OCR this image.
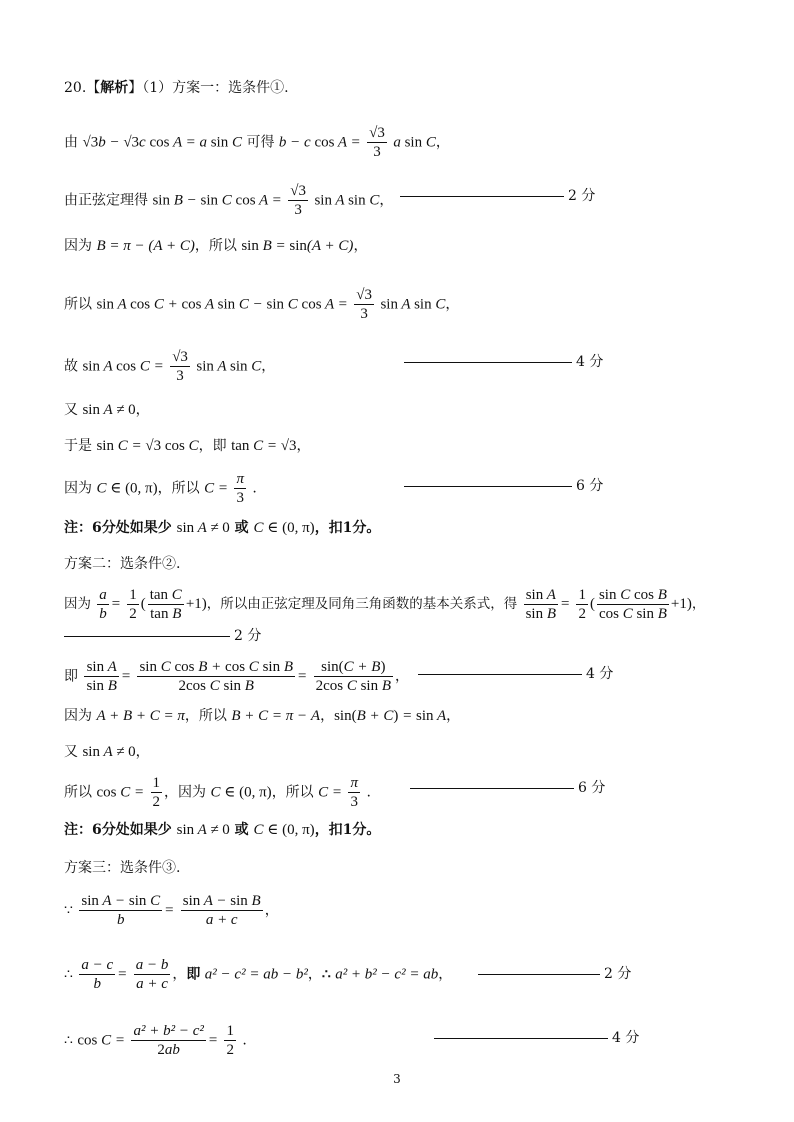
20.【解析】（1）方案一：选条件①.
由 √3b − √3c cos A = a sin C 可得 b − c $\cos A = \frac{√3}{3}$ a sin C，
由正弦定理得 sin B − sin C $\cos A = \frac{√3}{3}$ sin A sin C，	2 分
因为 B = π − (A + C)，所以 sin B = sin(A + C)，
所以 sin A cos C + cos A sin C − sin C $\cos A = \frac{√3}{3}$ sin A sin C，
故 sin A $\cos C = \frac{√3}{3}$ sin A sin C，	4 分
又 sin A ≠ 0，
于是 sin C = √3 cos C，即 tan C = √3，
因为 C ∈ (0, π)，所以 $C = \frac{\pi}{3}$ .	6 分
注：6分处如果少 sin A ≠ 0 或 C ∈ (0, π)，扣1分。
方案二：选条件②.
因为 $\frac{a}{b} = \frac{1}{2}$ ( $\frac{\text{tan C}}{\text{tan B}} +1$)，所以由正弦定理及同角三角函数的基本关系式，得 $\frac{\text{sin A}}{\text{sin B}} = \frac{1}{2}$ ( $\frac{\text{sin C cos B}}{\text{cos C sin B}} +1$)，
2 分
即 $\frac{\text{sin A}}{\text{sin B}} = \frac{\text{sin C cos B + cos C sin B}}{\text{2cos C sin B}} = \frac{\sin(C + B)}{\text{2cos C sin B}}$ ，	4 分
因为 A + B + C = π，所以 B + C = π − A，sin(B + C) = sin A，
又 sin A ≠ 0，
所以 $\cos C = \frac{1}{2}$ ，因为 C ∈ (0, π)，所以 $C = \frac{\pi}{3}$ .	6 分
注：6分处如果少 sin A ≠ 0 或 C ∈ (0, π)，扣1分。
方案三：选条件③.
∵ $\frac{\text{sin A − sin C}}{b} = \frac{\text{sin A − sin B}}{a + c}$ ，
∴ $\frac{a - c}{b} = \frac{a - b}{a + c}$ ，即 a² − c² = ab − b²，∴ a² + b² − c² = ab，	2 分
∴ $\cos C = \frac{\text{a² + b² − c²}}{2ab} = \frac{1}{2}$ .	4 分
3
